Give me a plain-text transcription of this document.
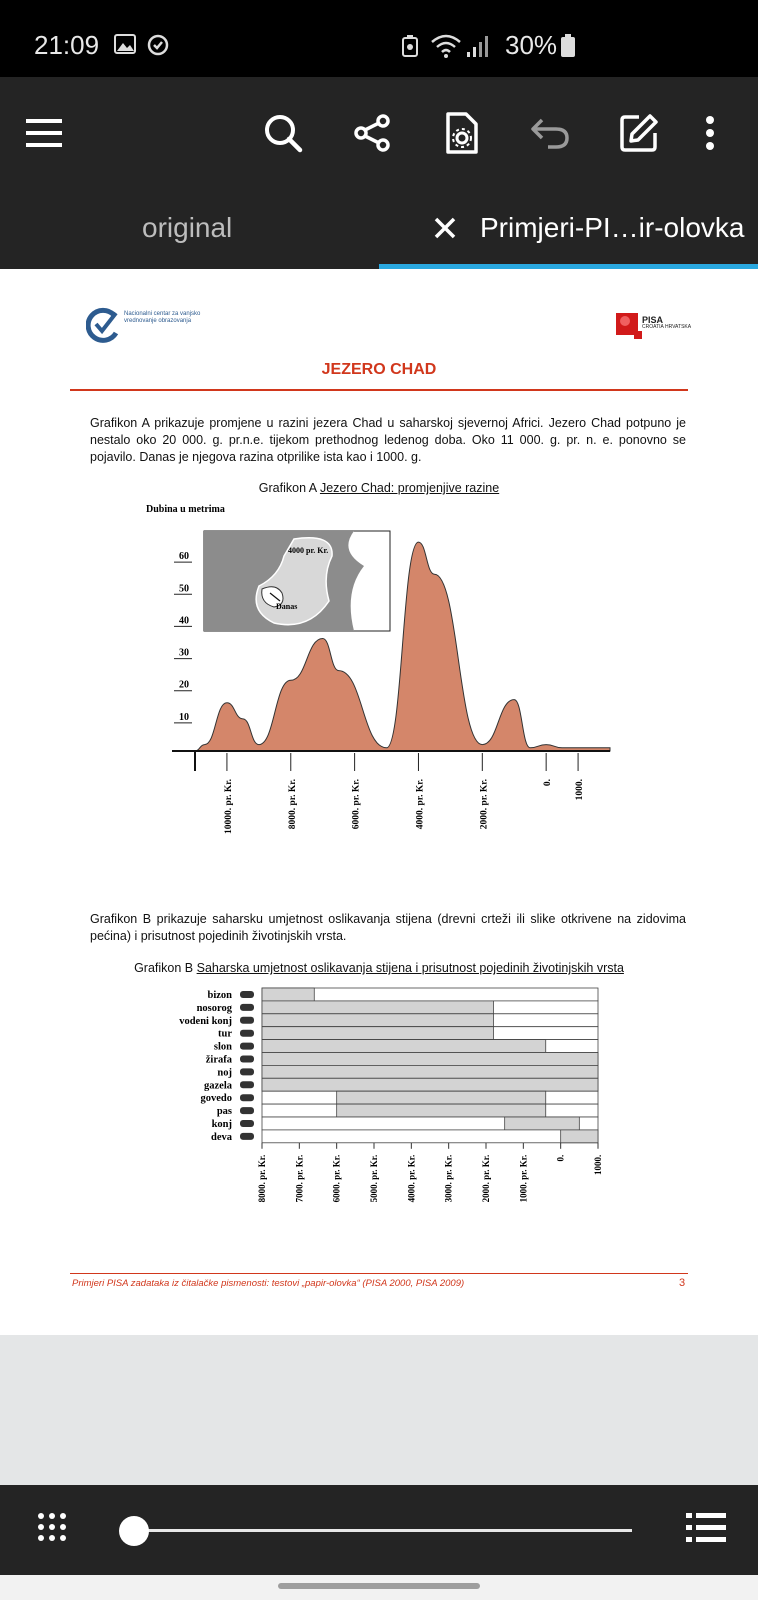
21:09	30%
original	Primjeri-PI…ir-olovka
Nacionalni centar za vanjsko vrednovanje obrazovanja	PISA
CROATIA HRVATSKA
JEZERO CHAD
Grafikon A prikazuje promjene u razini jezera Chad u saharskoj sjevernoj Africi. Jezero Chad potpuno je nestalo oko 20 000. g. pr.n.e. tijekom prethodnog ledenog doba. Oko 11 000. g. pr. n. e. ponovno se pojavilo. Danas je njegova razina otprilike ista kao i 1000. g.
Grafikon A Jezero Chad: promjenjive razine
Dubina u metrima
10
20
30
40
50
60
10000. pr. Kr.	8000. pr. Kr.	6000. pr. Kr.	4000. pr. Kr.	2000. pr. Kr.	0. 1000.
4000 pr. Kr.
Danas
Grafikon B prikazuje saharsku umjetnost oslikavanja stijena (drevni crteži ili slike otkrivene na zidovima pećina) i prisutnost pojedinih životinjskih vrsta.
Grafikon B Saharska umjetnost oslikavanja stijena i prisutnost pojedinih životinjskih vrsta
bizon
nosorog
vodeni konj
tur
slon
žirafa
noj
gazela
govedo
pas
konj
deva
8000. pr. Kr.	7000. pr. Kr.	6000. pr. Kr.	5000. pr. Kr.	4000. pr. Kr.	3000. pr. Kr.	2000. pr. Kr.	1000. pr. Kr.	0.	1000.
Primjeri PISA zadataka iz čitalačke pismenosti: testovi „papir-olovka“ (PISA 2000, PISA 2009)	3
